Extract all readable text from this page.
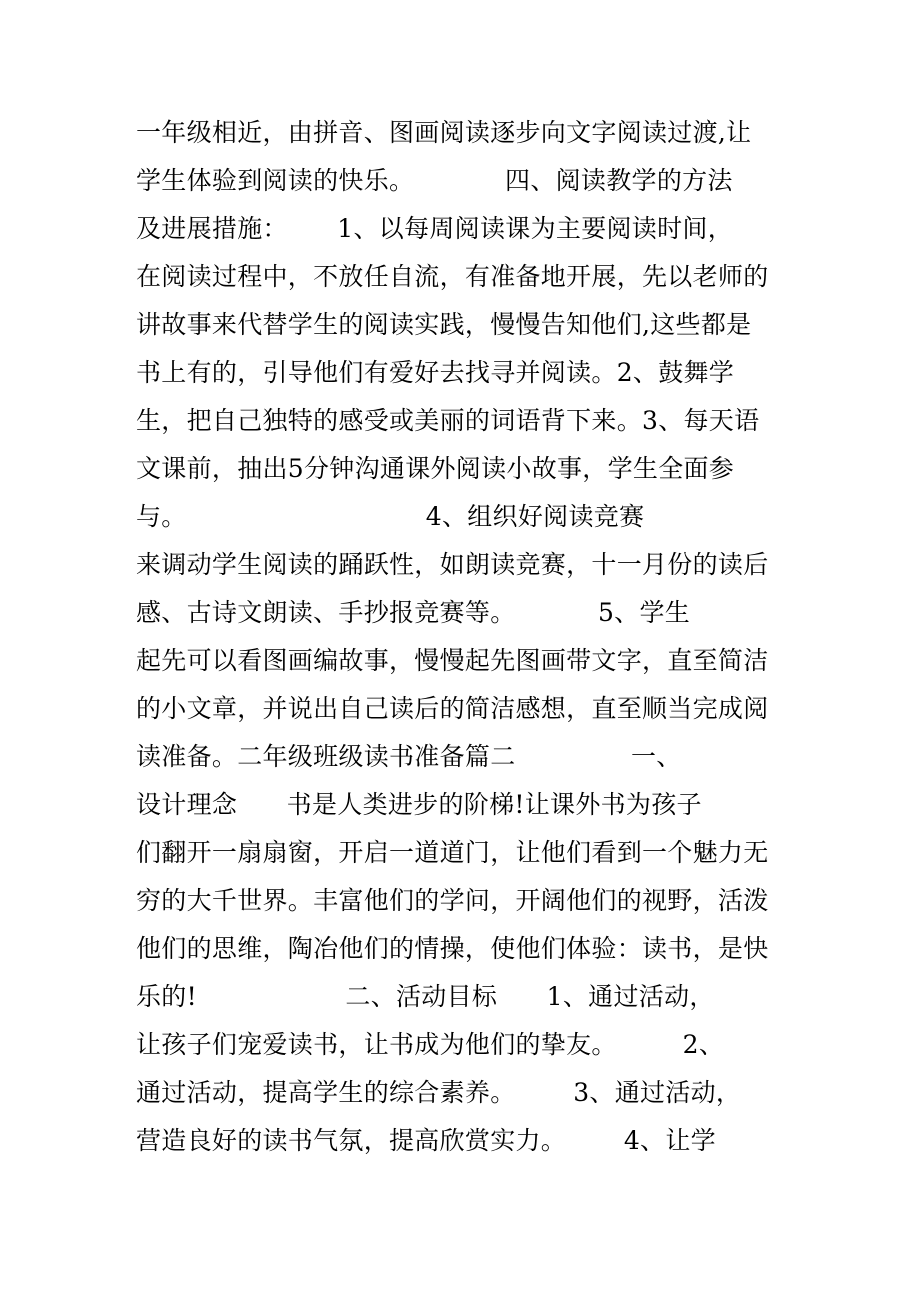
一年级相近，由拼音、图画阅读逐步向文字阅读过渡,让
学生体验到阅读的快乐。           四、阅读教学的方法
及进展措施：      1、以每周阅读课为主要阅读时间，
在阅读过程中，不放任自流，有准备地开展，先以老师的
讲故事来代替学生的阅读实践，慢慢告知他们,这些都是
书上有的，引导他们有爱好去找寻并阅读。2、鼓舞学
生，把自己独特的感受或美丽的词语背下来。3、每天语
文课前，抽出5分钟沟通课外阅读小故事，学生全面参
与。                             4、组织好阅读竞赛
来调动学生阅读的踊跃性，如朗读竞赛，十一月份的读后
感、古诗文朗读、手抄报竞赛等。          5、学生
起先可以看图画编故事，慢慢起先图画带文字，直至简洁
的小文章，并说出自己读后的简洁感想，直至顺当完成阅
读准备。二年级班级读书准备篇二              一、
设计理念      书是人类进步的阶梯!让课外书为孩子
们翻开一扇扇窗，开启一道道门，让他们看到一个魅力无
穷的大千世界。丰富他们的学问，开阔他们的视野，活泼
他们的思维，陶冶他们的情操，使他们体验：读书，是快
乐的!                  二、活动目标      1、通过活动，
让孩子们宠爱读书，让书成为他们的挚友。        2、
通过活动，提高学生的综合素养。       3、通过活动，
营造良好的读书气氛，提高欣赏实力。       4、让学
